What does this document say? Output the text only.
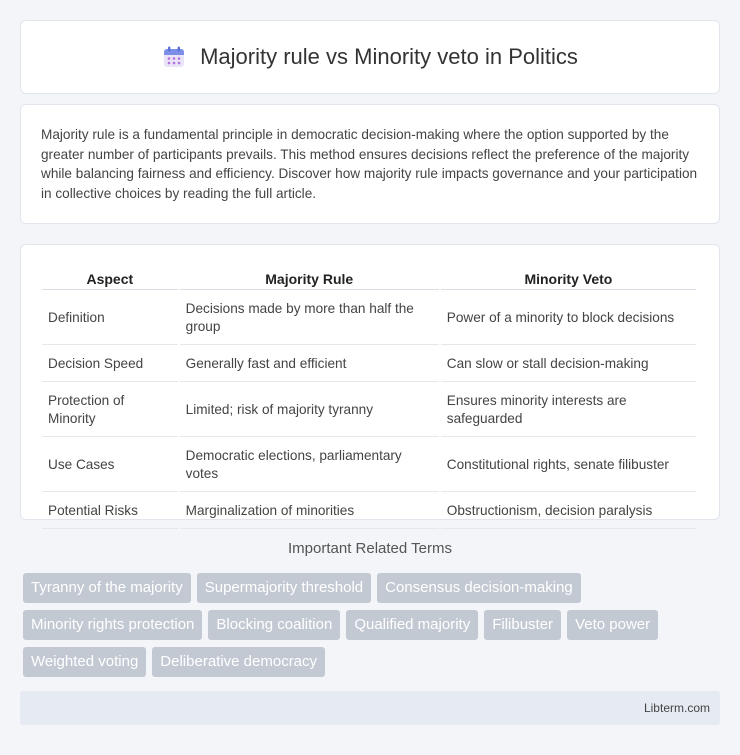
Majority rule vs Minority veto in Politics

Majority rule is a fundamental principle in democratic decision-making where the option supported by the greater number of participants prevails. This method ensures decisions reflect the preference of the majority while balancing fairness and efficiency. Discover how majority rule impacts governance and your participation in collective choices by reading the full article.

Aspect	Majority Rule	Minority Veto
Definition	Decisions made by more than half the group	Power of a minority to block decisions
Decision Speed	Generally fast and efficient	Can slow or stall decision-making
Protection of Minority	Limited; risk of majority tyranny	Ensures minority interests are safeguarded
Use Cases	Democratic elections, parliamentary votes	Constitutional rights, senate filibuster
Potential Risks	Marginalization of minorities	Obstructionism, decision paralysis
Important Related Terms
Tyranny of the majority	Supermajority threshold	Consensus decision-making
Minority rights protection	Blocking coalition	Qualified majority	Filibuster	Veto power
Weighted voting	Deliberative democracy
Libterm.com
